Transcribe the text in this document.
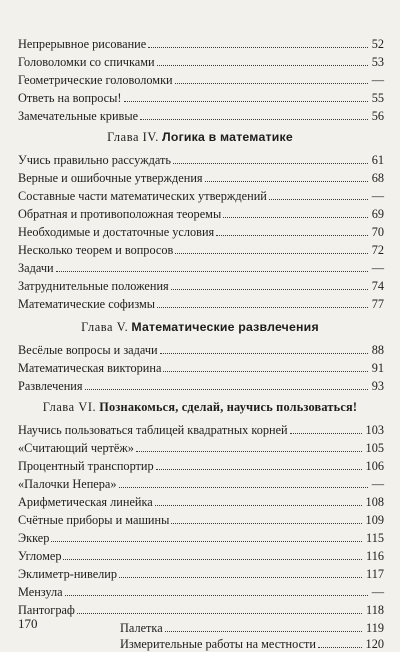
Непрерывное рисование	52
Головоломки со спичками	53
Геометрические головоломки	—
Ответь на вопросы!	55
Замечательные кривые	56
Глава IV. Логика в математике
Учись правильно рассуждать	61
Верные и ошибочные утверждения	68
Составные части математических утверждений	—
Обратная и противоположная теоремы	69
Необходимые и достаточные условия	70
Несколько теорем и вопросов	72
Задачи	—
Затруднительные положения	74
Математические софизмы	77
Глава V. Математические развлечения
Весёлые вопросы и задачи	88
Математическая викторина	91
Развлечения	93
Глава VI. Познакомься, сделай, научись пользоваться!
Научись пользоваться таблицей квадратных корней	103
«Считающий чертёж»	105
Процентный транспортир	106
«Палочки Непера»	—
Арифметическая линейка	108
Счётные приборы и машины	109
Эккер	115
Угломер	116
Эклиметр-нивелир	117
Мензула	—
Пантограф	118
Палетка	119
Измерительные работы на местности	120
170
